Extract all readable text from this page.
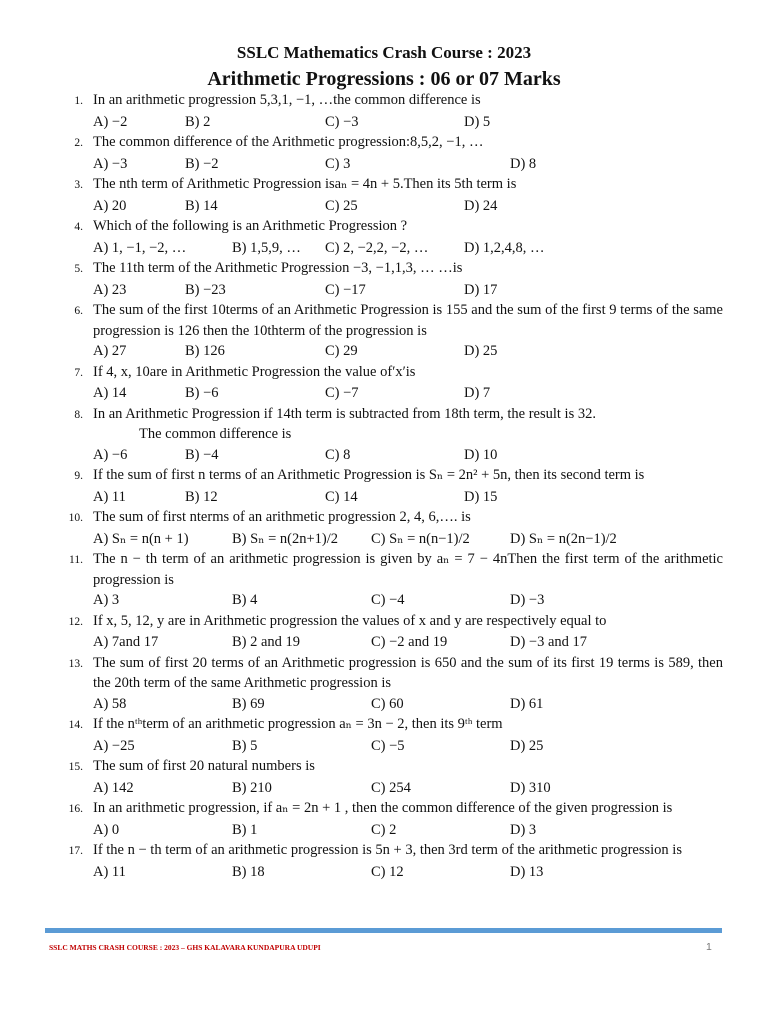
SSLC Mathematics Crash Course : 2023
Arithmetic Progressions : 06 or 07 Marks
1. In an arithmetic progression 5,3,1, −1, …the common difference is
A) −2	B) 2	C) −3	D) 5
2. The common difference of the Arithmetic progression:8,5,2, −1, …
A) −3	B) −2	C) 3	D) 8
3. The nth term of Arithmetic Progression isaₙ = 4n + 5.Then its 5th term is
A) 20	B) 14	C) 25	D) 24
4. Which of the following is an Arithmetic Progression ?
A) 1, −1, −2, …	B) 1,5,9, … C) 2, −2,2, −2, … D) 1,2,4,8, …
5. The 11th term of the Arithmetic Progression −3, −1,1,3, … …is
A) 23	B) −23	C) −17	D) 17
6. The sum of the first 10terms of an Arithmetic Progression is 155 and the sum of the first 9 terms of the same progression is 126 then the 10thterm of the progression is
A) 27	B) 126	C) 29	D) 25
7. If 4, x, 10are in Arithmetic Progression the value of′x′is
A) 14	B) −6	C) −7	D) 7
8. In an Arithmetic Progression if 14th term is subtracted from 18th term, the result is 32.
The common difference is
A) −6	B) −4	C) 8	D) 10
9. If the sum of first n terms of an Arithmetic Progression is Sₙ = 2n² + 5n, then its second term is
A) 11	B) 12	C) 14	D) 15
10. The sum of first nterms of an arithmetic progression 2, 4, 6,…. is
A) Sₙ = n(n + 1)	B) Sₙ = n(2n+1)/2 C) Sₙ = n(n−1)/2	D) Sₙ = n(2n−1)/2
11. The n − th term of an arithmetic progression is given by aₙ = 7 − 4nThen the first term of the arithmetic progression is
A) 3	B) 4	C) −4	D) −3
12. If x, 5, 12, y are in Arithmetic progression the values of x and y are respectively equal to
A) 7and 17	B) 2 and 19	C) −2 and 19	D) −3 and 17
13. The sum of first 20 terms of an Arithmetic progression is 650 and the sum of its first 19 terms is 589, then the 20th term of the same Arithmetic progression is
A) 58	B) 69	C) 60	D) 61
14. If the nᵗʰterm of an arithmetic progression aₙ = 3n − 2, then its 9ᵗʰ term
A) −25	B) 5	C) −5	D) 25
15. The sum of first 20 natural numbers is
A) 142	B) 210	C) 254	D) 310
16. In an arithmetic progression, if aₙ = 2n + 1 , then the common difference of the given progression is
A) 0	B) 1	C) 2	D) 3
17. If the n − th term of an arithmetic progression is 5n + 3, then 3rd term of the arithmetic progression is
A) 11	B) 18	C) 12	D) 13
SSLC MATHS CRASH COURSE : 2023 – GHS KALAVARA KUNDAPURA UDUPI	1
